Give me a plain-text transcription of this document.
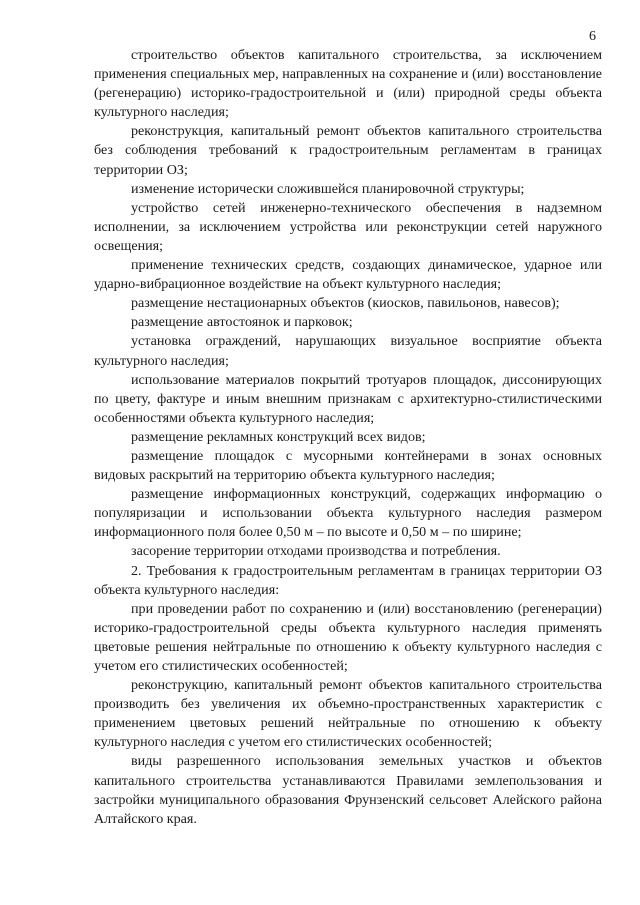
6

строительство объектов капитального строительства, за исключением применения специальных мер, направленных на сохранение и (или) восстановление (регенерацию) историко-градостроительной и (или) природной среды объекта культурного наследия;

реконструкция, капитальный ремонт объектов капитального строительства без соблюдения требований к градостроительным регламентам в границах территории ОЗ;

изменение исторически сложившейся планировочной структуры;

устройство сетей инженерно-технического обеспечения в надземном исполнении, за исключением устройства или реконструкции сетей наружного освещения;

применение технических средств, создающих динамическое, ударное или ударно-вибрационное воздействие на объект культурного наследия;

размещение нестационарных объектов (киосков, павильонов, навесов);

размещение автостоянок и парковок;

установка ограждений, нарушающих визуальное восприятие объекта культурного наследия;

использование материалов покрытий тротуаров площадок, диссонирующих по цвету, фактуре и иным внешним признакам с архитектурно-стилистическими особенностями объекта культурного наследия;

размещение рекламных конструкций всех видов;

размещение площадок с мусорными контейнерами в зонах основных видовых раскрытий на территорию объекта культурного наследия;

размещение информационных конструкций, содержащих информацию о популяризации и использовании объекта культурного наследия размером информационного поля более 0,50 м – по высоте и 0,50 м – по ширине;

засорение территории отходами производства и потребления.

2. Требования к градостроительным регламентам в границах территории ОЗ объекта культурного наследия:

при проведении работ по сохранению и (или) восстановлению (регенерации) историко-градостроительной среды объекта культурного наследия применять цветовые решения нейтральные по отношению к объекту культурного наследия с учетом его стилистических особенностей;

реконструкцию, капитальный ремонт объектов капитального строительства производить без увеличения их объемно-пространственных характеристик с применением цветовых решений нейтральные по отношению к объекту культурного наследия с учетом его стилистических особенностей;

виды разрешенного использования земельных участков и объектов капитального строительства устанавливаются Правилами землепользования и застройки муниципального образования Фрунзенский сельсовет Алейского района Алтайского края.
